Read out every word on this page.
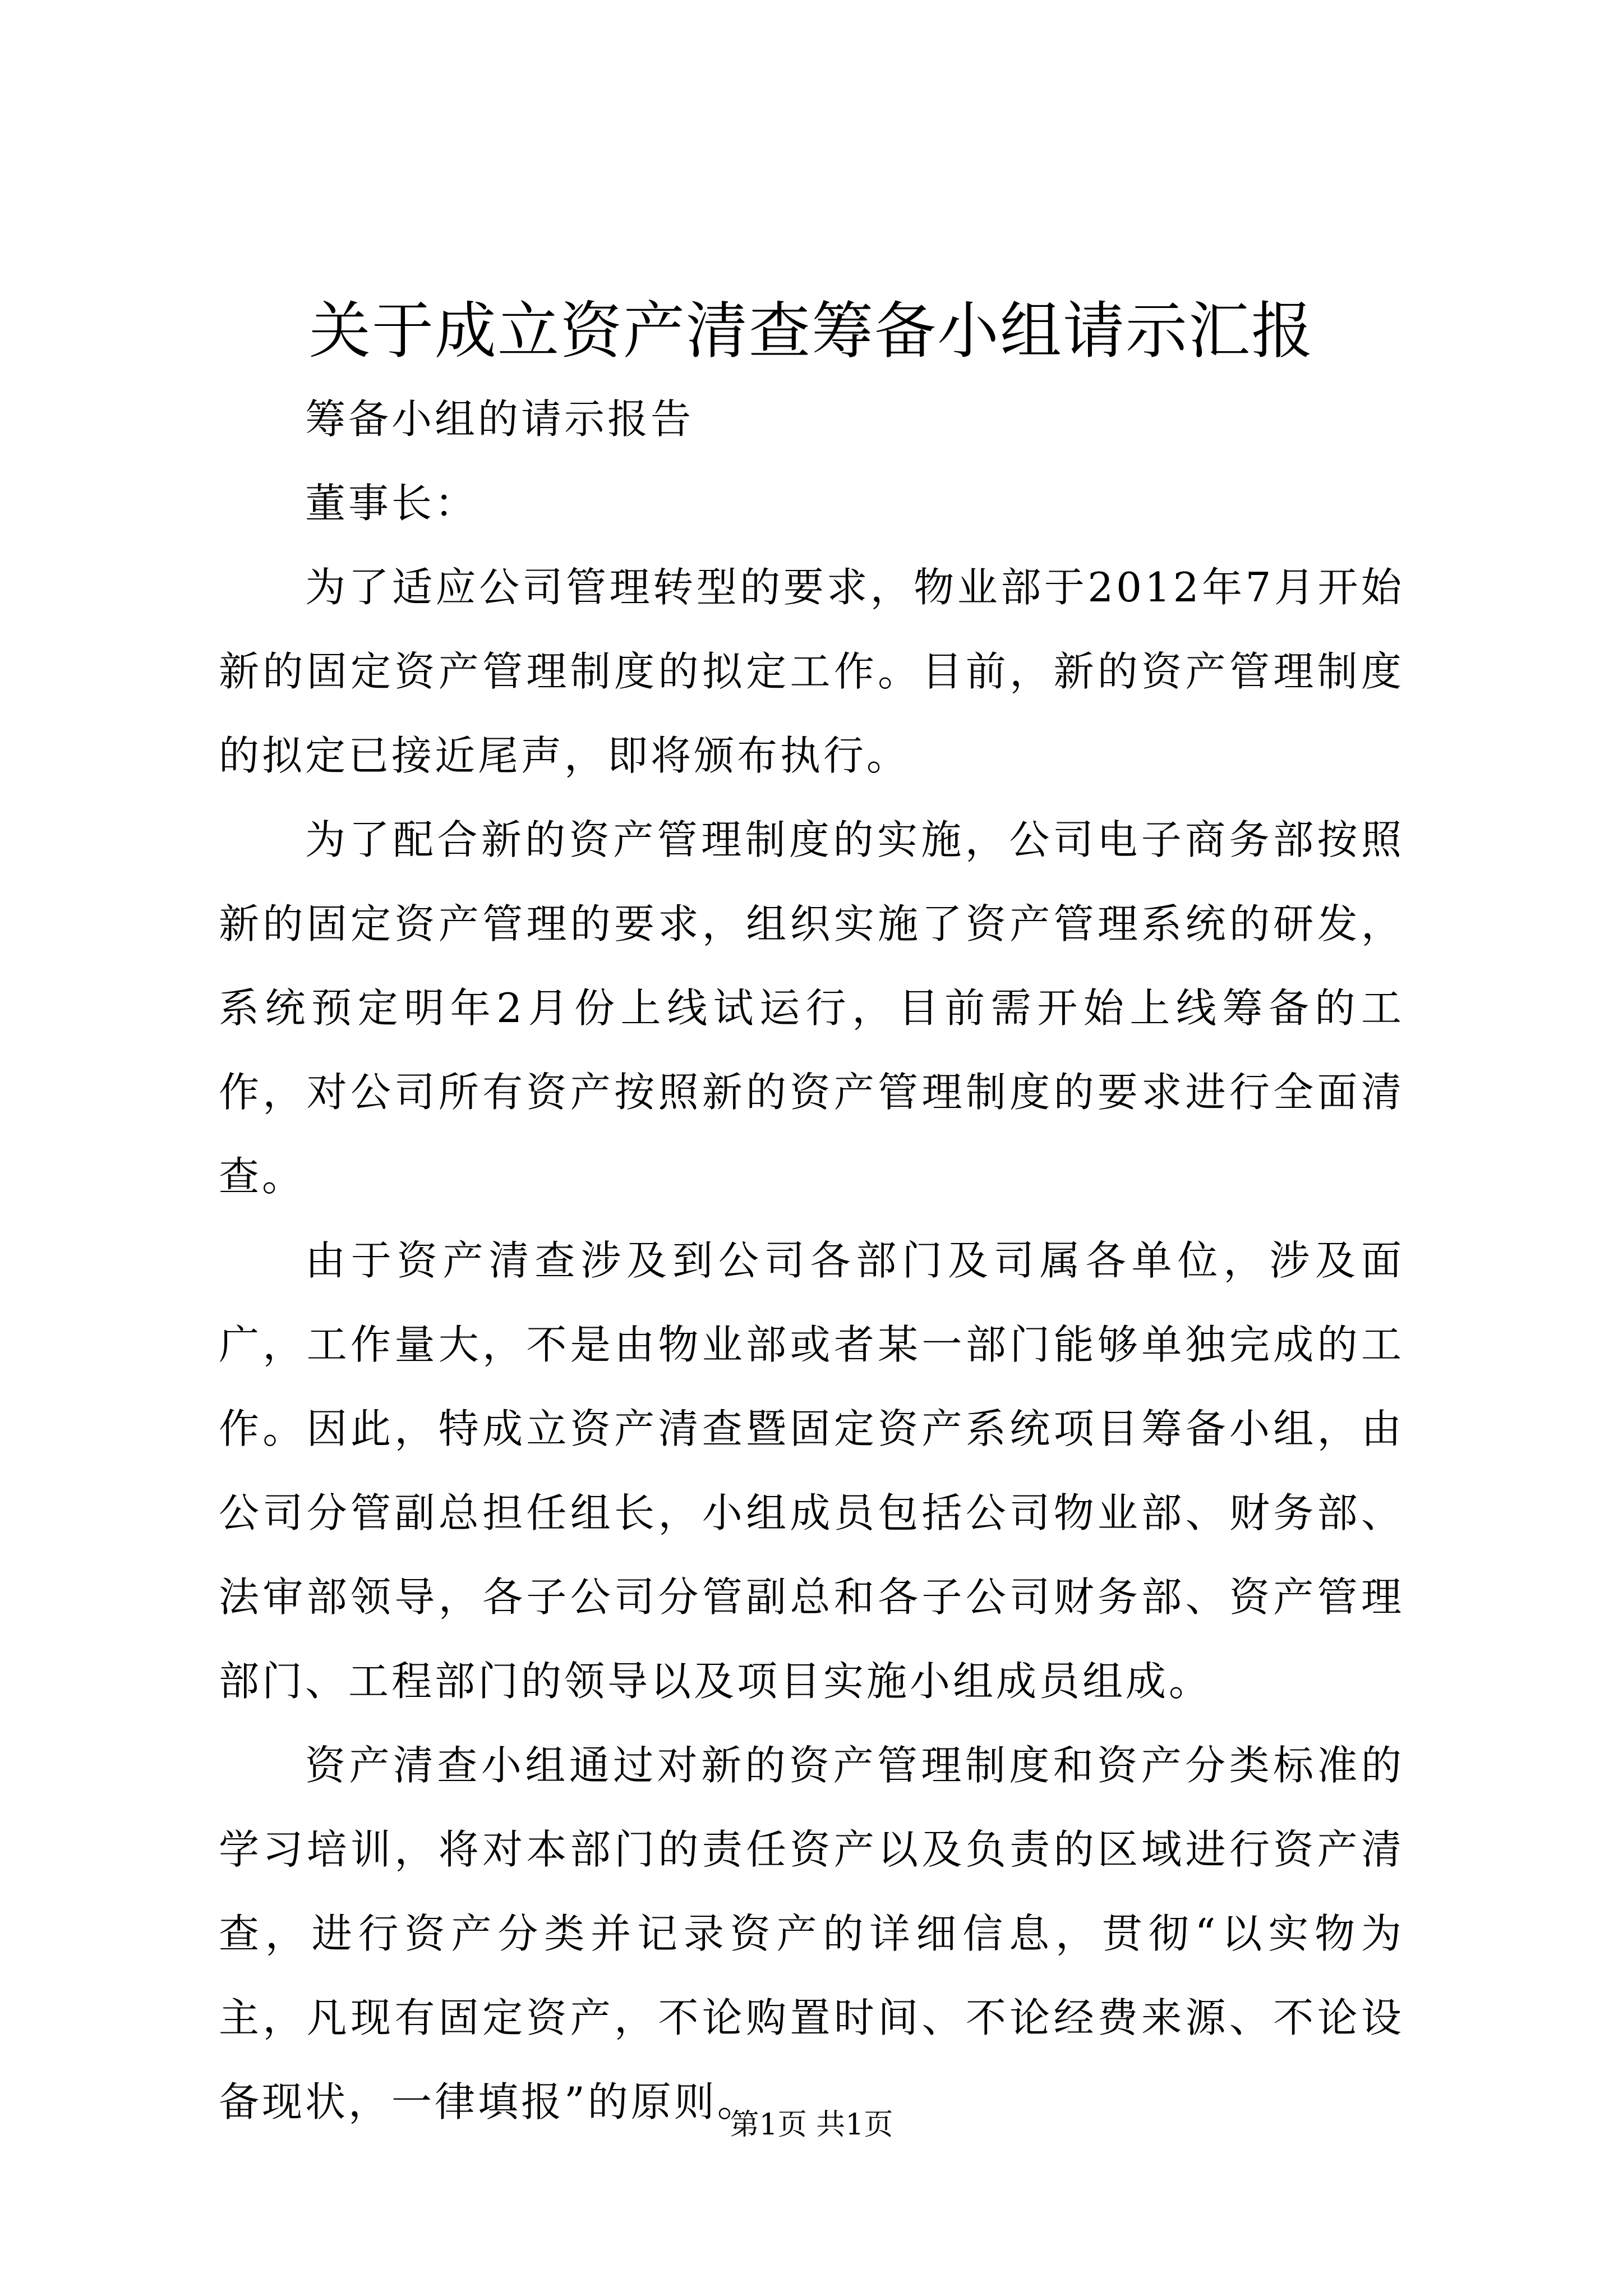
关于成立资产清查筹备小组请示汇报

筹备小组的请示报告

董事长：

为了适应公司管理转型的要求，物业部于2012年7月开始新的固定资产管理制度的拟定工作。目前，新的资产管理制度的拟定已接近尾声，即将颁布执行。

为了配合新的资产管理制度的实施，公司电子商务部按照新的固定资产管理的要求，组织实施了资产管理系统的研发，系统预定明年2月份上线试运行，目前需开始上线筹备的工作，对公司所有资产按照新的资产管理制度的要求进行全面清查。

由于资产清查涉及到公司各部门及司属各单位，涉及面广，工作量大，不是由物业部或者某一部门能够单独完成的工作。因此，特成立资产清查暨固定资产系统项目筹备小组，由公司分管副总担任组长，小组成员包括公司物业部、财务部、法审部领导，各子公司分管副总和各子公司财务部、资产管理部门、工程部门的领导以及项目实施小组成员组成。

资产清查小组通过对新的资产管理制度和资产分类标准的学习培训，将对本部门的责任资产以及负责的区域进行资产清查，进行资产分类并记录资产的详细信息，贯彻“以实物为主，凡现有固定资产，不论购置时间、不论经费来源、不论设备现状，一律填报”的原则。

第1页 共1页
